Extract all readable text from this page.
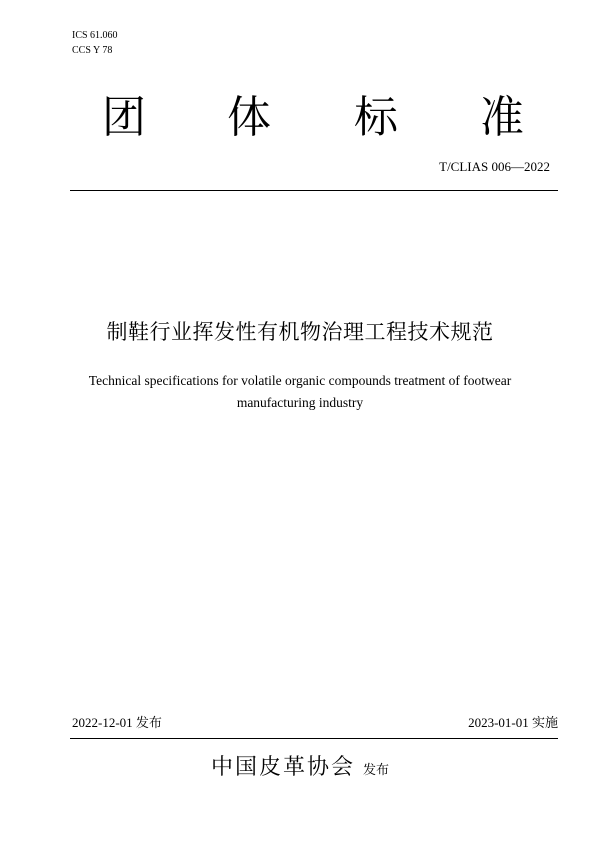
ICS 61.060
CCS Y 78
团 体 标 准
T/CLIAS 006—2022
制鞋行业挥发性有机物治理工程技术规范
Technical specifications for volatile organic compounds treatment of footwear
manufacturing industry
2022-12-01 发布	2023-01-01 实施
中国皮革协会 发布
